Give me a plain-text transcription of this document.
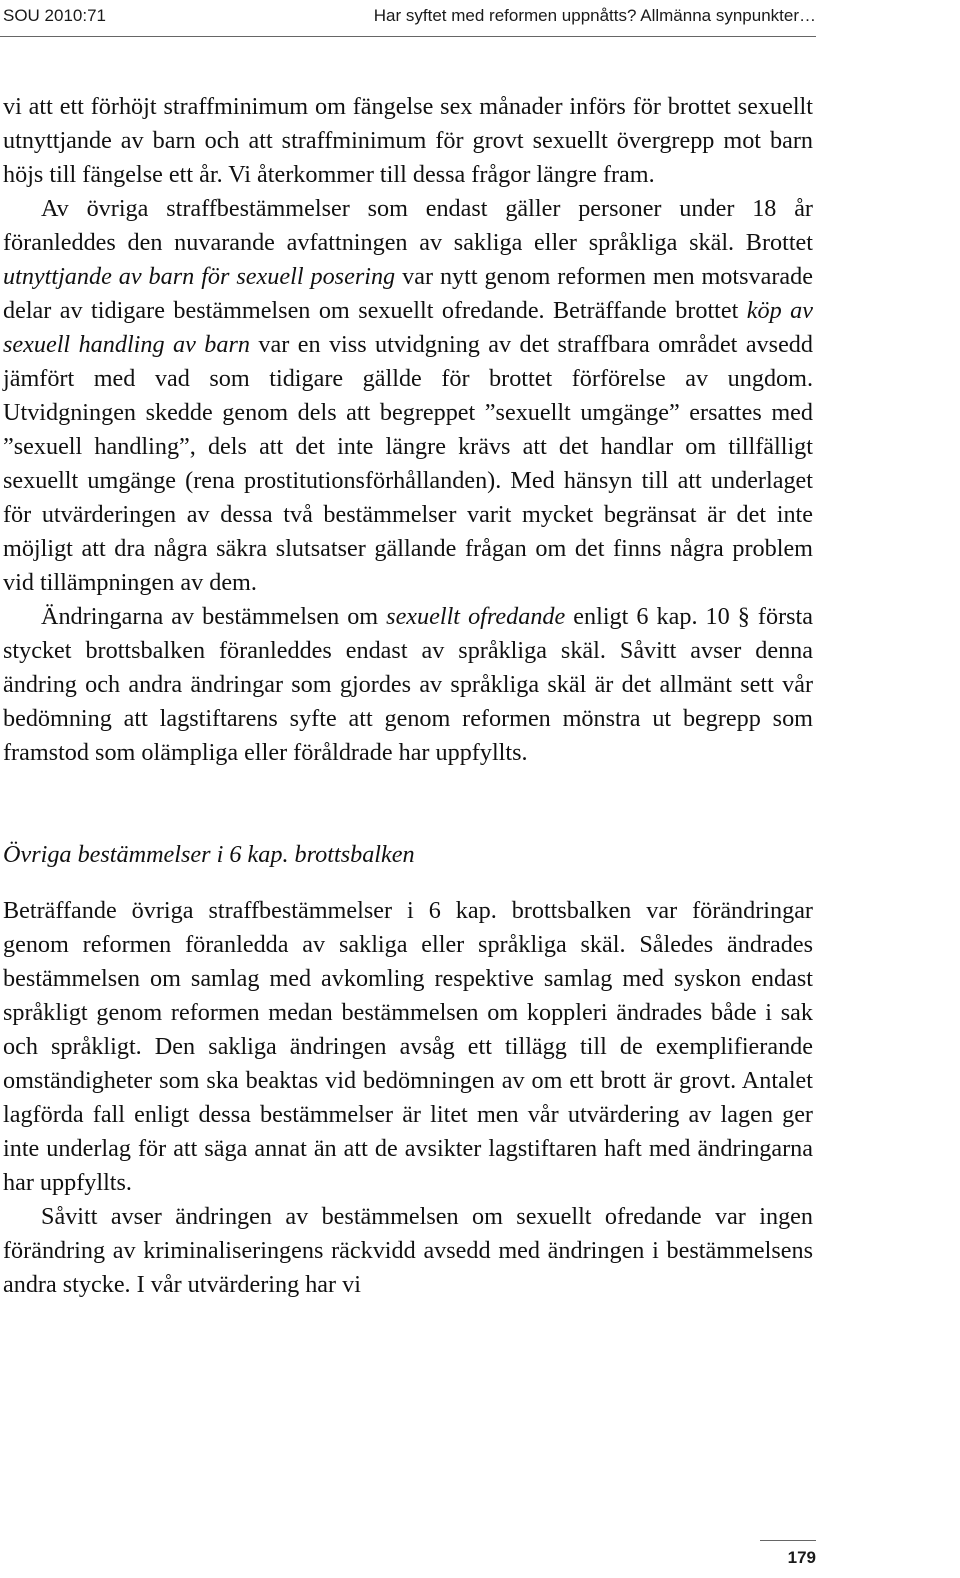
SOU 2010:71	Har syftet med reformen uppnåtts? Allmänna synpunkter…

vi att ett förhöjt straffminimum om fängelse sex månader införs för brottet sexuellt utnyttjande av barn och att straffminimum för grovt sexuellt övergrepp mot barn höjs till fängelse ett år. Vi återkommer till dessa frågor längre fram.

Av övriga straffbestämmelser som endast gäller personer under 18 år föranleddes den nuvarande avfattningen av sakliga eller språkliga skäl. Brottet utnyttjande av barn för sexuell posering var nytt genom reformen men motsvarade delar av tidigare bestämmelsen om sexuellt ofredande. Beträffande brottet köp av sexuell handling av barn var en viss utvidgning av det straffbara området avsedd jämfört med vad som tidigare gällde för brottet förförelse av ungdom. Utvidgningen skedde genom dels att begreppet ”sexuellt umgänge” ersattes med ”sexuell handling”, dels att det inte längre krävs att det handlar om tillfälligt sexuellt umgänge (rena prostitutionsförhållanden). Med hänsyn till att underlaget för utvärderingen av dessa två bestämmelser varit mycket begränsat är det inte möjligt att dra några säkra slutsatser gällande frågan om det finns några problem vid tillämpningen av dem.

Ändringarna av bestämmelsen om sexuellt ofredande enligt 6 kap. 10 § första stycket brottsbalken föranleddes endast av språkliga skäl. Såvitt avser denna ändring och andra ändringar som gjordes av språkliga skäl är det allmänt sett vår bedömning att lagstiftarens syfte att genom reformen mönstra ut begrepp som framstod som olämpliga eller föråldrade har uppfyllts.

Övriga bestämmelser i 6 kap. brottsbalken

Beträffande övriga straffbestämmelser i 6 kap. brottsbalken var förändringar genom reformen föranledda av sakliga eller språkliga skäl. Således ändrades bestämmelsen om samlag med avkomling respektive samlag med syskon endast språkligt genom reformen medan bestämmelsen om koppleri ändrades både i sak och språkligt. Den sakliga ändringen avsåg ett tillägg till de exemplifierande omständigheter som ska beaktas vid bedömningen av om ett brott är grovt. Antalet lagförda fall enligt dessa bestämmelser är litet men vår utvärdering av lagen ger inte underlag för att säga annat än att de avsikter lagstiftaren haft med ändringarna har uppfyllts.

Såvitt avser ändringen av bestämmelsen om sexuellt ofredande var ingen förändring av kriminaliseringens räckvidd avsedd med ändringen i bestämmelsens andra stycke. I vår utvärdering har vi

179
